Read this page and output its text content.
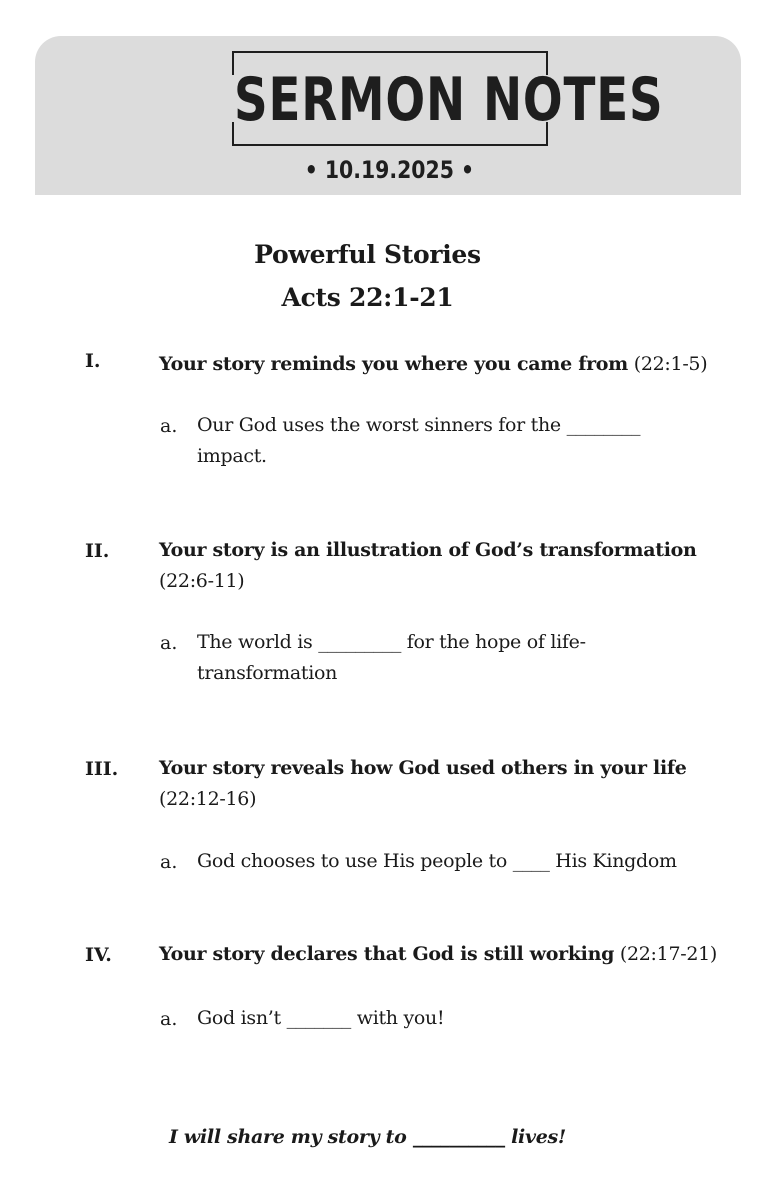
SERMON NOTES
• 10.19.2025 •
Powerful Stories
Acts 22:1-21
I.	Your story reminds you where you came from (22:1-5)
a. Our God uses the worst sinners for the ________
impact.
II.	Your story is an illustration of God’s transformation
(22:6-11)
a. The world is _________ for the hope of life-
transformation
III. Your story reveals how God used others in your life
(22:12-16)
a. God chooses to use His people to ____ His Kingdom
IV. Your story declares that God is still working (22:17-21)
a. God isn’t _______ with you!
I will share my story to __________ lives!
